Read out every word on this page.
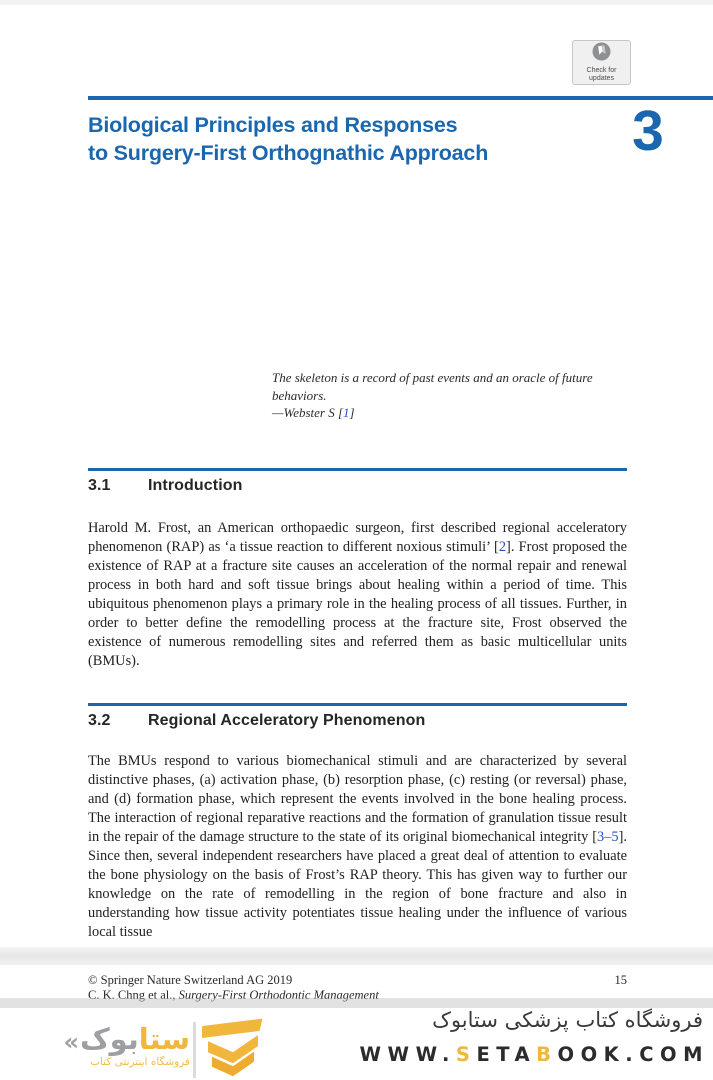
Check for
updates
Biological Principles and Responses
to Surgery-First Orthognathic Approach	3
The skeleton is a record of past events and an oracle of future behaviors.
—Webster S [1]
3.1 Introduction
Harold M. Frost, an American orthopaedic surgeon, first described regional acceleratory phenomenon (RAP) as ‘a tissue reaction to different noxious stimuli’ [2]. Frost proposed the existence of RAP at a fracture site causes an acceleration of the normal repair and renewal process in both hard and soft tissue brings about healing within a period of time. This ubiquitous phenomenon plays a primary role in the healing process of all tissues. Further, in order to better define the remodelling process at the fracture site, Frost observed the existence of numerous remodelling sites and referred them as basic multicellular units (BMUs).
3.2 Regional Acceleratory Phenomenon
The BMUs respond to various biomechanical stimuli and are characterized by several distinctive phases, (a) activation phase, (b) resorption phase, (c) resting (or reversal) phase, and (d) formation phase, which represent the events involved in the bone healing process. The interaction of regional reparative reactions and the formation of granulation tissue result in the repair of the damage structure to the state of its original biomechanical integrity [3–5]. Since then, several independent researchers have placed a great deal of attention to evaluate the bone physiology on the basis of Frost’s RAP theory. This has given way to further our knowledge on the rate of remodelling in the region of bone fracture and also in understanding how tissue activity potentiates tissue healing under the influence of various local tissue
15
© Springer Nature Switzerland AG 2019
C. K. Chng et al., Surgery-First Orthodontic Management
« بوک ستا
فروشگاه اینترنتی کتاب
فروشگاه کتاب پزشکی ستابوک
WWW.SETABOOK.COM
